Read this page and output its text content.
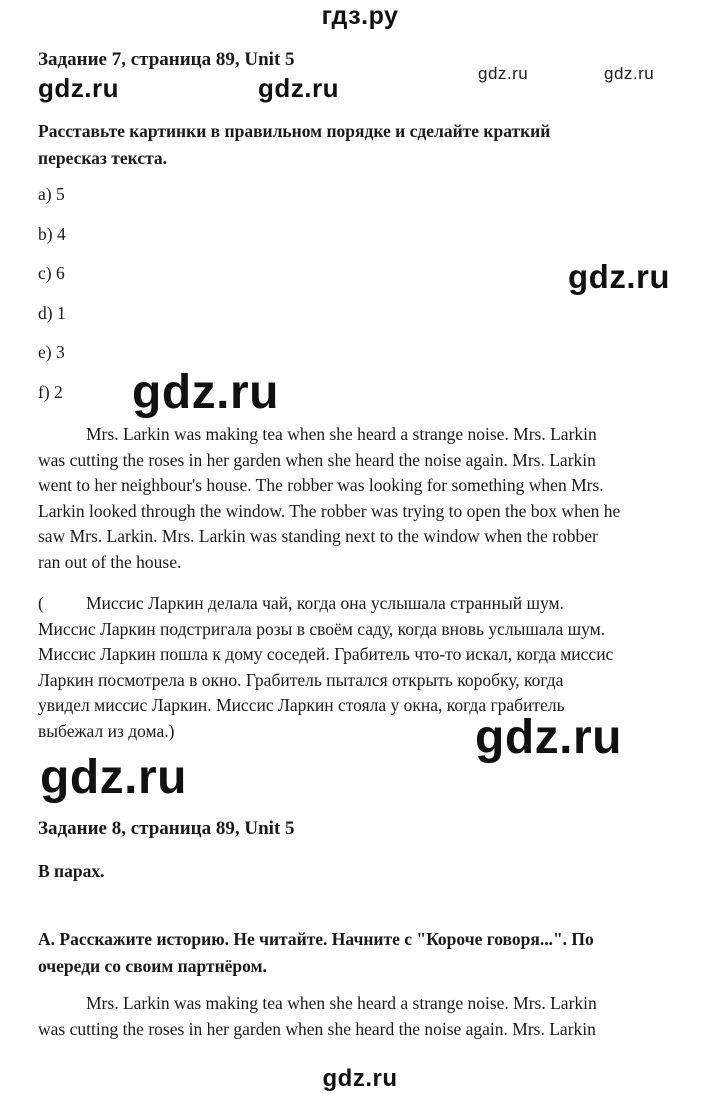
гдз.ру
Задание 7, страница 89, Unit 5
gdz.ru	gdz.ru	gdz.ru	gdz.ru
Расставьте картинки в правильном порядке и сделайте краткий
пересказ текста.
a) 5
b) 4
c) 6
d) 1
e) 3
f) 2
gdz.ru
gdz.ru
Mrs. Larkin was making tea when she heard a strange noise. Mrs. Larkin
was cutting the roses in her garden when she heard the noise again. Mrs. Larkin
went to her neighbour's house. The robber was looking for something when Mrs.
Larkin looked through the window. The robber was trying to open the box when he
saw Mrs. Larkin. Mrs. Larkin was standing next to the window when the robber
ran out of the house.
( Миссис Ларкин делала чай, когда она услышала странный шум.
Миссис Ларкин подстригала розы в своём саду, когда вновь услышала шум.
Миссис Ларкин пошла к дому соседей. Грабитель что-то искал, когда миссис
Ларкин посмотрела в окно. Грабитель пытался открыть коробку, когда
увидел миссис Ларкин. Миссис Ларкин стояла у окна, когда грабитель
выбежал из дома.)	gdz.ru
gdz.ru
Задание 8, страница 89, Unit 5
В парах.
А. Расскажите историю. Не читайте. Начните с "Короче говоря...". По
очереди со своим партнёром.
Mrs. Larkin was making tea when she heard a strange noise. Mrs. Larkin
was cutting the roses in her garden when she heard the noise again. Mrs. Larkin
gdz.ru
